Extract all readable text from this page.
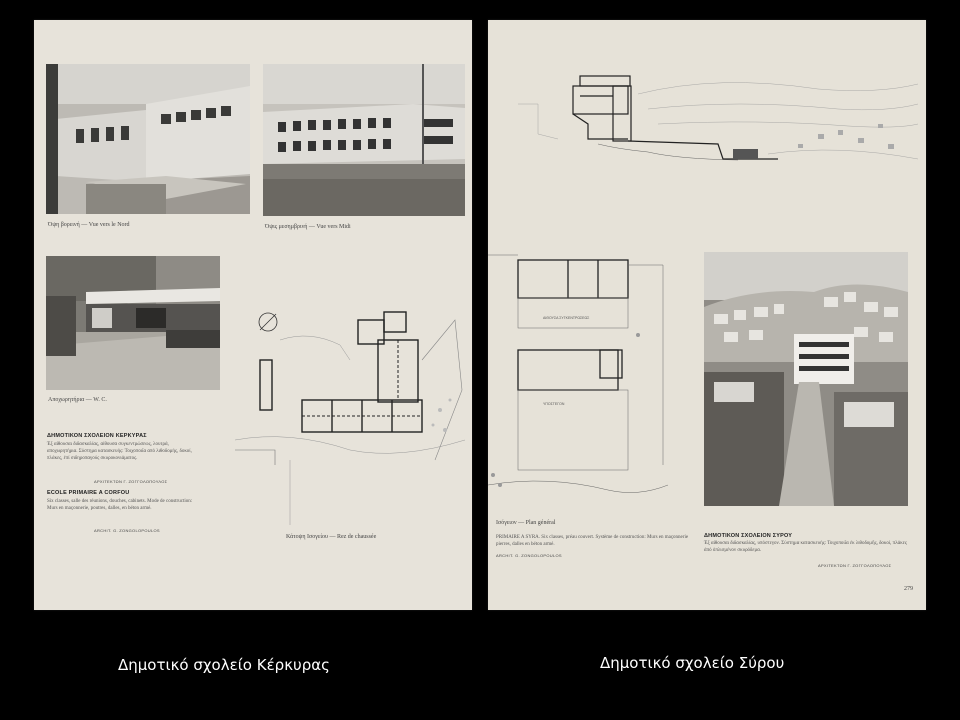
Όψη βορεινή — Vue vers le Nord	Όψις μεσημβρινή — Vue vers Midi
Αποχωρητήρια — W. C.
Κάτοψη Ισογείου — Rez de chaussée
ΔΗΜΟΤΙΚΟΝ ΣΧΟΛΕΙΟΝ ΚΕΡΚΥΡΑΣ
Έξ αίθουσαι διδασκαλίας, αίθουσα συγκεντρώσεως, λουτρά, αποχωρητήρια. Σύστημα κατασκευής: Τοιχοποιΐα από λιθοδομής, δοκοί, πλάκες, ἐπί σιδηροπαγούς σκυροκονιάματος.
ΑΡΧΙΤΕΚΤΩΝ Γ. ΖΟΓΓΟΛΟΠΟΥΛΟΣ
ECOLE PRIMAIRE A CORFOU
Six classes, salle des réunions, douches, cabinets. Mode de construction: Murs en maçonnerie, poutres, dalles, en béton armé.
ARCHIT. G. ZONGOLOPOULOS
ΑΙΘΟΥΣΑ ΣΥΓΚΕΝΤΡΩΣΕΩΣ
ΥΠΟΣΤΕΓΟΝ
Ισόγειον — Plan général
PRIMAIRE A SYRA. Six classes, préau couvert. Système de construction: Murs en maçonnerie pierres, dalles en béton armé.
ARCHIT. G. ZONGOLOPOULOS
ΔΗΜΟΤΙΚΟΝ ΣΧΟΛΕΙΟΝ ΣΥΡΟΥ
Έξ αίθουσαι διδασκαλίας, υπόστεγον. Σύστημα κατασκευής: Τοιχοποιΐα ἐκ λιθοδομῆς, δοκοί, πλάκες ἀπό ὁπλισμένον σκυρόδεμα.
ΑΡΧΙΤΕΚΤΩΝ Γ. ΖΟΓΓΟΛΟΠΟΥΛΟΣ
279
Δημοτικό σχολείο Κέρκυρας	Δημοτικό σχολείο Σύρου
